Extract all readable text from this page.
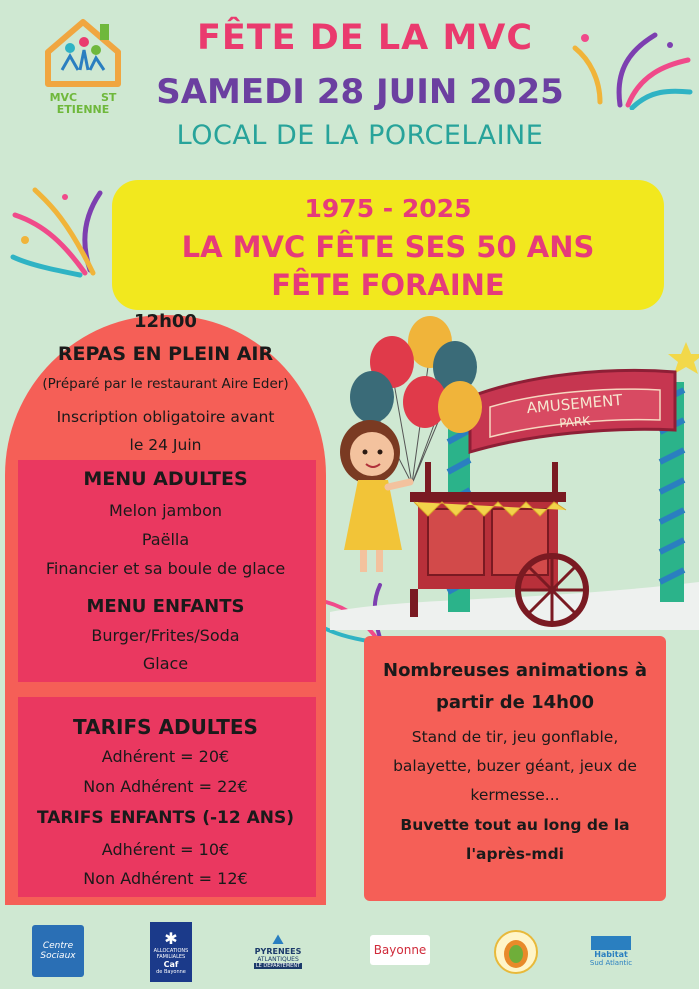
MVC ST ETIENNE
FÊTE DE LA MVC
SAMEDI 28 JUIN 2025
LOCAL DE LA PORCELAINE
1975 - 2025
LA MVC FÊTE SES 50 ANS
FÊTE FORAINE
12h00
REPAS EN PLEIN AIR
(Préparé par le restaurant Aire Eder)
Inscription obligatoire avant
le 24 Juin
MENU ADULTES
Melon jambon
Paëlla
Financier et sa boule de glace
MENU ENFANTS
Burger/Frites/Soda
Glace
TARIFS ADULTES
Adhérent = 20€
Non Adhérent = 22€
TARIFS ENFANTS (-12 ANS)
Adhérent = 10€
Non Adhérent = 12€
AMUSEMENT
PARK
Nombreuses animations à
partir de 14h00
Stand de tir, jeu gonflable,
balayette, buzer géant, jeux de
kermesse...
Buvette tout au long de la
l'après-mdi
Centre Sociaux
✱
ALLOCATIONS FAMILIALES
Caf
de Bayonne
⛰
PYRENEES
ATLANTIQUES
LE DÉPARTEMENT
Bayonne	Habitat
Sud Atlantic
